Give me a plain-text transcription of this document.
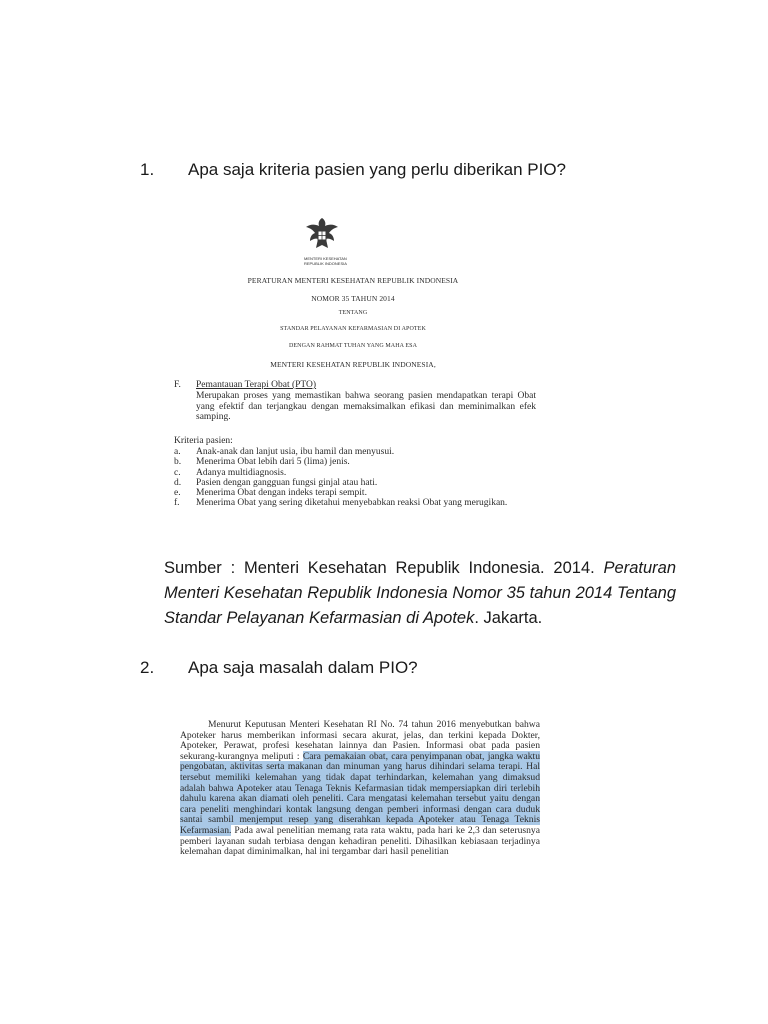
1. Apa saja kriteria pasien yang perlu diberikan PIO?
MENTERI KESEHATAN REPUBLIK INDONESIA
PERATURAN MENTERI KESEHATAN REPUBLIK INDONESIA
NOMOR 35 TAHUN 2014
TENTANG
STANDAR PELAYANAN KEFARMASIAN DI APOTEK
DENGAN RAHMAT TUHAN YANG MAHA ESA
MENTERI KESEHATAN REPUBLIK INDONESIA,
F. Pemantauan Terapi Obat (PTO)
Merupakan proses yang memastikan bahwa seorang pasien mendapatkan terapi Obat yang efektif dan terjangkau dengan memaksimalkan efikasi dan meminimalkan efek samping.
Kriteria pasien:
a. Anak-anak dan lanjut usia, ibu hamil dan menyusui.
b. Menerima Obat lebih dari 5 (lima) jenis.
c. Adanya multidiagnosis.
d. Pasien dengan gangguan fungsi ginjal atau hati.
e. Menerima Obat dengan indeks terapi sempit.
f. Menerima Obat yang sering diketahui menyebabkan reaksi Obat yang merugikan.
Sumber : Menteri Kesehatan Republik Indonesia. 2014. Peraturan Menteri Kesehatan Republik Indonesia Nomor 35 tahun 2014 Tentang Standar Pelayanan Kefarmasian di Apotek. Jakarta.
2. Apa saja masalah dalam PIO?
Menurut Keputusan Menteri Kesehatan RI No. 74 tahun 2016 menyebutkan bahwa Apoteker harus memberikan informasi secara akurat, jelas, dan terkini kepada Dokter, Apoteker, Perawat, profesi kesehatan lainnya dan Pasien. Informasi obat pada pasien sekurang-kurangnya meliputi : Cara pemakaian obat, cara penyimpanan obat, jangka waktu pengobatan, aktivitas serta makanan dan minuman yang harus dihindari selama terapi. Hal tersebut memiliki kelemahan yang tidak dapat terhindarkan, kelemahan yang dimaksud adalah bahwa Apoteker atau Tenaga Teknis Kefarmasian tidak mempersiapkan diri terlebih dahulu karena akan diamati oleh peneliti. Cara mengatasi kelemahan tersebut yaitu dengan cara peneliti menghindari kontak langsung dengan pemberi informasi dengan cara duduk santai sambil menjemput resep yang diserahkan kepada Apoteker atau Tenaga Teknis Kefarmasian. Pada awal penelitian memang rata rata waktu, pada hari ke 2,3 dan seterusnya pemberi layanan sudah terbiasa dengan kehadiran peneliti. Dihasilkan kebiasaan terjadinya kelemahan dapat diminimalkan, hal ini tergambar dari hasil penelitian
